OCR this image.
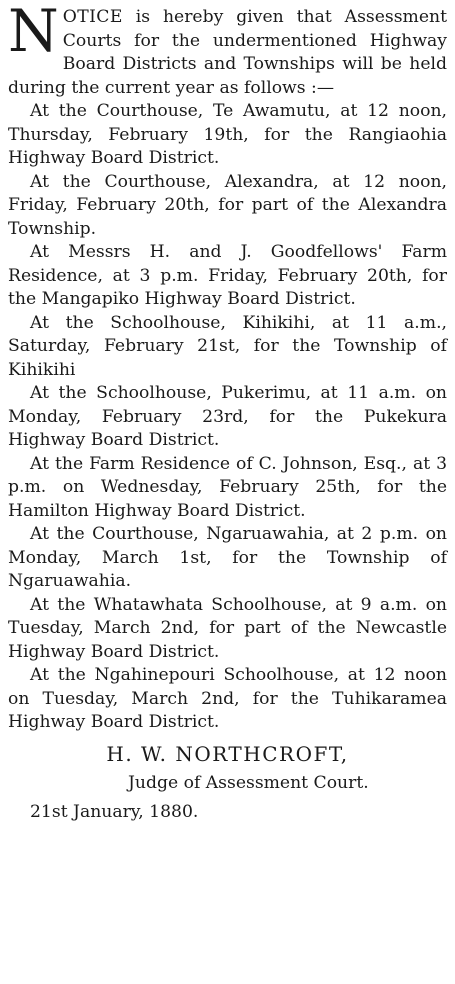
NOTICE is hereby given that Assessment Courts for the undermentioned Highway Board Districts and Townships will be held during the current year as follows :—

At the Courthouse, Te Awamutu, at 12 noon, Thursday, February 19th, for the Rangiaohia Highway Board District.

At the Courthouse, Alexandra, at 12 noon, Friday, February 20th, for part of the Alexandra Township.

At Messrs H. and J. Goodfellows' Farm Residence, at 3 p.m. Friday, February 20th, for the Mangapiko Highway Board District.

At the Schoolhouse, Kihikihi, at 11 a.m., Saturday, February 21st, for the Township of Kihikihi

At the Schoolhouse, Pukerimu, at 11 a.m. on Monday, February 23rd, for the Pukekura Highway Board District.

At the Farm Residence of C. Johnson, Esq., at 3 p.m. on Wednesday, February 25th, for the Hamilton Highway Board District.

At the Courthouse, Ngaruawahia, at 2 p.m. on Monday, March 1st, for the Township of Ngaruawahia.

At the Whatawhata Schoolhouse, at 9 a.m. on Tuesday, March 2nd, for part of the Newcastle Highway Board District.

At the Ngahinepouri Schoolhouse, at 12 noon on Tuesday, March 2nd, for the Tuhikaramea Highway Board District.

H. W. NORTHCROFT,

Judge of Assessment Court.

21st January, 1880.
